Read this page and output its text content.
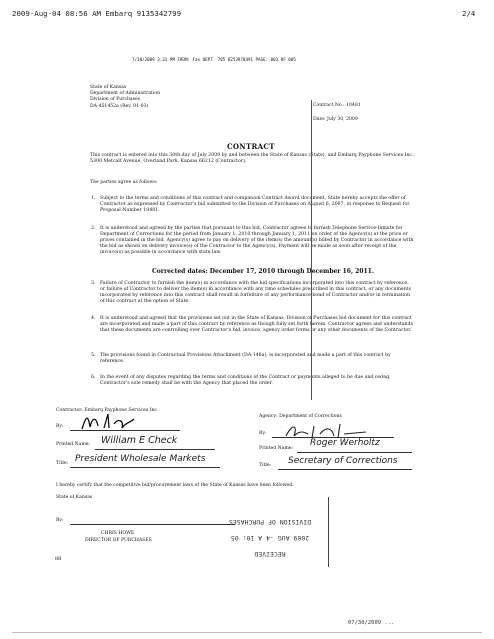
2009-Aug-04 08:56 AM Embarq 9135342799	2/4
7/30/2009 3:31 PM FROM: Fax DEPT. 785 8253970491 PAGE: 003 OF 005
State of Kansas
Department of Administration
Division of Purchases
DA-451452a (Rev. 01-03)	Contract No.: 10481
Date: July 30, 2009
CONTRACT
This contract is entered into this 30th day of July 2009 by and between the State of Kansas (State), and Embarq Payphone Services Inc., 5300 Metcalf Avenue, Overland Park, Kansas 66212 (Contractor).
The parties agree as follows:
1. Subject to the terms and conditions of this contract and companion Contract Award document, State hereby accepts the offer of Contractor as expressed by Contractor's bid submitted to the Division of Purchases on August 6, 2007, in response to Request for Proposal Number 10481.
2. It is understood and agreed by the parties that pursuant to this bid, Contractor agrees to furnish Telephone Service-Inmate for Department of Corrections for the period from January 1, 2010 through January 1, 2011 on order of the Agency(s) at the price or prices contained in the bid. Agency(s) agree to pay on delivery of the item(s) the amount(s) billed by Contractor in accordance with the bid as shown on delivery invoice(s) of the Contractor to the Agency(s). Payment will be made as soon after receipt of the invoice(s) as possible in accordance with state law.
Corrected dates: December 17, 2010 through December 16, 2011.
3. Failure of Contractor to furnish the item(s) in accordance with the bid specifications incorporated into this contract by reference, or failure of Contractor to deliver the item(s) in accordance with any time schedules prescribed in this contract, or any documents incorporated by reference into this contract shall result in forfeiture of any performance bond of Contractor and/or in termination of this contract at the option of State.
4. It is understood and agreed that the provisions set out in the State of Kansas, Division of Purchases bid document for this contract are incorporated and made a part of this contract by reference as though fully set forth herein. Contractor agrees and understands that these documents are controlling over Contractor's bid, invoice, agency order forms or any other documents of the Contractor.
5. The provisions found in Contractual Provisions Attachment (DA-146a), is incorporated and made a part of this contract by reference.
6. In the event of any disputes regarding the terms and conditions of the Contract or payments alleged to be due and owing, Contractor's sole remedy shall be with the Agency that placed the order.
Contractor: Embarq Payphone Services Inc.
By:
Printed Name: William E Check
Title: President Wholesale Markets
Agency: Department of Corrections
By:
Printed Name:
Roger Werholtz
Title: Secretary of Corrections
I hereby certify that the competitive bid/procurement laws of the State of Kansas have been followed.
State of Kansas
By:
CHRIS HOWE
DIRECTOR OF PURCHASES
RECEIVED
2009 AUG -4 A 10: 05
DIVISION OF PURCHASES
88
07/30/2009 ...
